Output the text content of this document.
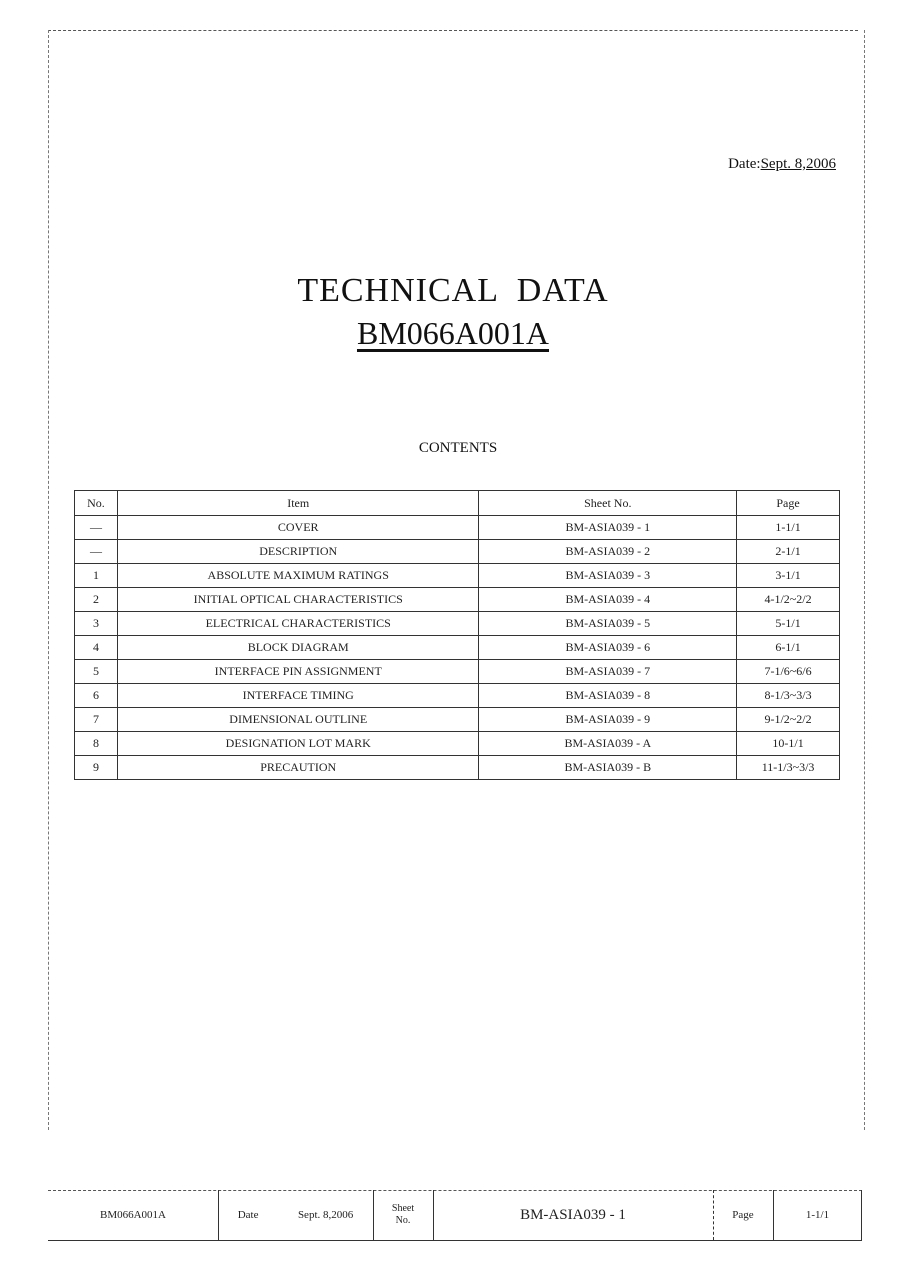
Date:Sept. 8,2006
TECHNICAL  DATA
BM066A001A
CONTENTS
No.	Item	Sheet No.	Page
—	COVER	BM-ASIA039 - 1	1-1/1
—	DESCRIPTION	BM-ASIA039 - 2	2-1/1
1	ABSOLUTE MAXIMUM RATINGS	BM-ASIA039 - 3	3-1/1
2	INITIAL OPTICAL CHARACTERISTICS	BM-ASIA039 - 4	4-1/2~2/2
3	ELECTRICAL CHARACTERISTICS	BM-ASIA039 - 5	5-1/1
4	BLOCK DIAGRAM	BM-ASIA039 - 6	6-1/1
5	INTERFACE PIN ASSIGNMENT	BM-ASIA039 - 7	7-1/6~6/6
6	INTERFACE TIMING	BM-ASIA039 - 8	8-1/3~3/3
7	DIMENSIONAL OUTLINE	BM-ASIA039 - 9	9-1/2~2/2
8	DESIGNATION LOT MARK	BM-ASIA039 - A	10-1/1
9	PRECAUTION	BM-ASIA039 - B	11-1/3~3/3
BM066A001A	Date	Sept. 8,2006
Sheet
No.	BM-ASIA039 - 1	Page	1-1/1
